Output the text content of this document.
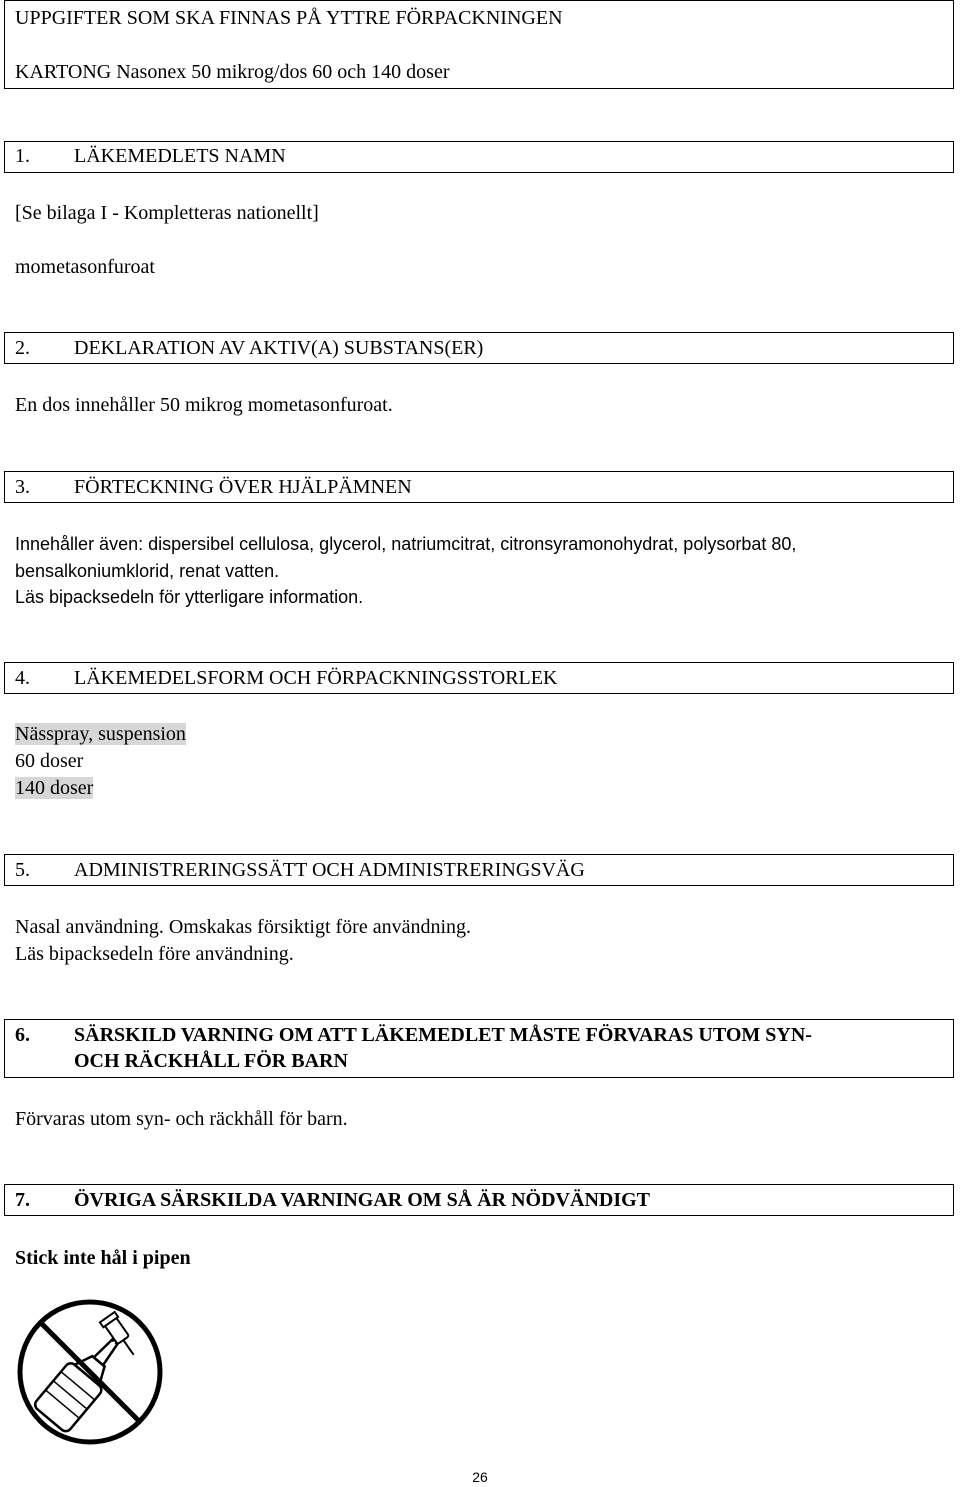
UPPGIFTER SOM SKA FINNAS PÅ YTTRE FÖRPACKNINGEN
KARTONG Nasonex 50 mikrog/dos 60 och 140 doser
1. LÄKEMEDLETS NAMN
[Se bilaga I - Kompletteras nationellt]
mometasonfuroat
2. DEKLARATION AV AKTIV(A) SUBSTANS(ER)
En dos innehåller 50 mikrog mometasonfuroat.
3. FÖRTECKNING ÖVER HJÄLPÄMNEN
Innehåller även: dispersibel cellulosa, glycerol, natriumcitrat, citronsyramonohydrat, polysorbat 80,
bensalkoniumklorid, renat vatten.
Läs bipacksedeln för ytterligare information.
4. LÄKEMEDELSFORM OCH FÖRPACKNINGSSTORLEK
Nässpray, suspension
60 doser
140 doser
5. ADMINISTRERINGSSÄTT OCH ADMINISTRERINGSVÄG
Nasal användning. Omskakas försiktigt före användning.
Läs bipacksedeln före användning.
6. SÄRSKILD VARNING OM ATT LÄKEMEDLET MÅSTE FÖRVARAS UTOM SYN-
OCH RÄCKHÅLL FÖR BARN
Förvaras utom syn- och räckhåll för barn.
7. ÖVRIGA SÄRSKILDA VARNINGAR OM SÅ ÄR NÖDVÄNDIGT
Stick inte hål i pipen
26
